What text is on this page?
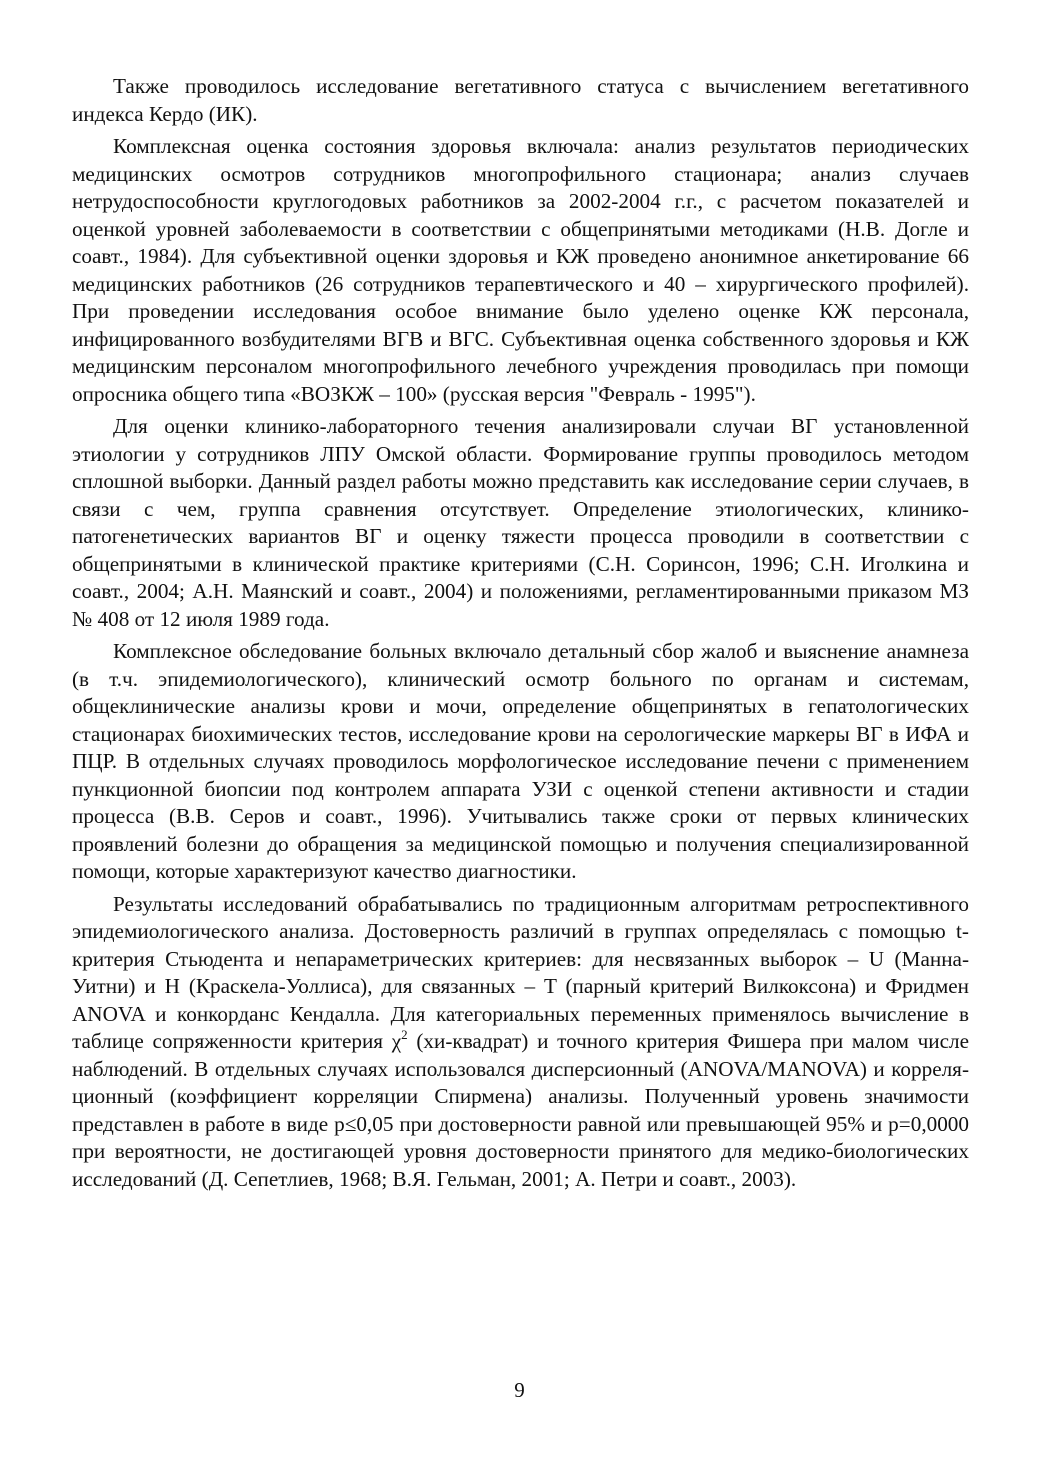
Также проводилось исследование вегетативного статуса с вычислением вегетативного индекса Кердо (ИК).

Комплексная оценка состояния здоровья включала: анализ результатов периодических медицинских осмотров сотрудников многопрофильного стационара; анализ случаев нетрудоспособности круглогодовых работников за 2002-2004 г.г., с расчетом показателей и оценкой уровней заболеваемости в соответствии с общепринятыми методиками (Н.В. Догле и соавт., 1984). Для субъективной оценки здоровья и КЖ проведено анонимное анкетирование 66 медицинских работников (26 сотрудников терапевтического и 40 – хирургического профилей). При проведении исследования особое внимание было уделено оценке КЖ персонала, инфицированного возбудителями ВГВ и ВГС. Субъективная оценка собственного здоровья и КЖ медицинским персоналом многопрофильного лечебного учреждения проводилась при помощи опросника общего типа «ВОЗКЖ – 100» (русская версия "Февраль - 1995").

Для оценки клинико-лабораторного течения анализировали случаи ВГ установленной этиологии у сотрудников ЛПУ Омской области. Формирование группы проводилось методом сплошной выборки. Данный раздел работы можно представить как исследование серии случаев, в связи с чем, группа сравнения отсутствует. Определение этиологических, клинико-патогенетических вариантов ВГ и оценку тяжести процесса проводили в соответствии с общепринятыми в клинической практике критериями (С.Н. Соринсон, 1996; С.Н. Иголкина и соавт., 2004; А.Н. Маянский и соавт., 2004) и положениями, регламентированными приказом МЗ № 408 от 12 июля 1989 года.

Комплексное обследование больных включало детальный сбор жалоб и выяснение анамнеза (в т.ч. эпидемиологического), клинический осмотр больного по органам и системам, общеклинические анализы крови и мочи, определение общепринятых в гепатологических стационарах биохимических тестов, исследование крови на серологические маркеры ВГ в ИФА и ПЦР. В отдельных случаях проводилось морфологическое исследование печени с применением пункционной биопсии под контролем аппарата УЗИ с оценкой степени активности и стадии процесса (В.В. Серов и соавт., 1996). Учитывались также сроки от первых клинических проявлений болезни до обращения за медицинской помощью и получения специализированной помощи, которые характеризуют качество диагностики.

Результаты исследований обрабатывались по традиционным алгоритмам ретроспективного эпидемиологического анализа. Достоверность различий в группах определялась с помощью t-критерия Стьюдента и непараметрических критериев: для несвязанных выборок – U (Манна-Уитни) и H (Краскела-Уоллиса), для связанных – T (парный критерий Вилкоксона) и Фридмен ANOVA и конкорданс Кендалла. Для категориальных переменных применялось вычисление в таблице сопряженности критерия $\chi^2$ (хи-квадрат) и точного критерия Фишера при малом числе наблюдений. В отдельных случаях использовался дисперсионный (ANOVA/MANOVA) и корреляционный (коэффициент корреляции Спирмена) анализы. Полученный уровень значимости представлен в работе в виде p≤0,05 при достоверности равной или превышающей 95% и p=0,0000 при вероятности, не достигающей уровня достоверности принятого для медико-биологических исследований (Д. Сепетлиев, 1968; В.Я. Гельман, 2001; А. Петри и соавт., 2003).

9
